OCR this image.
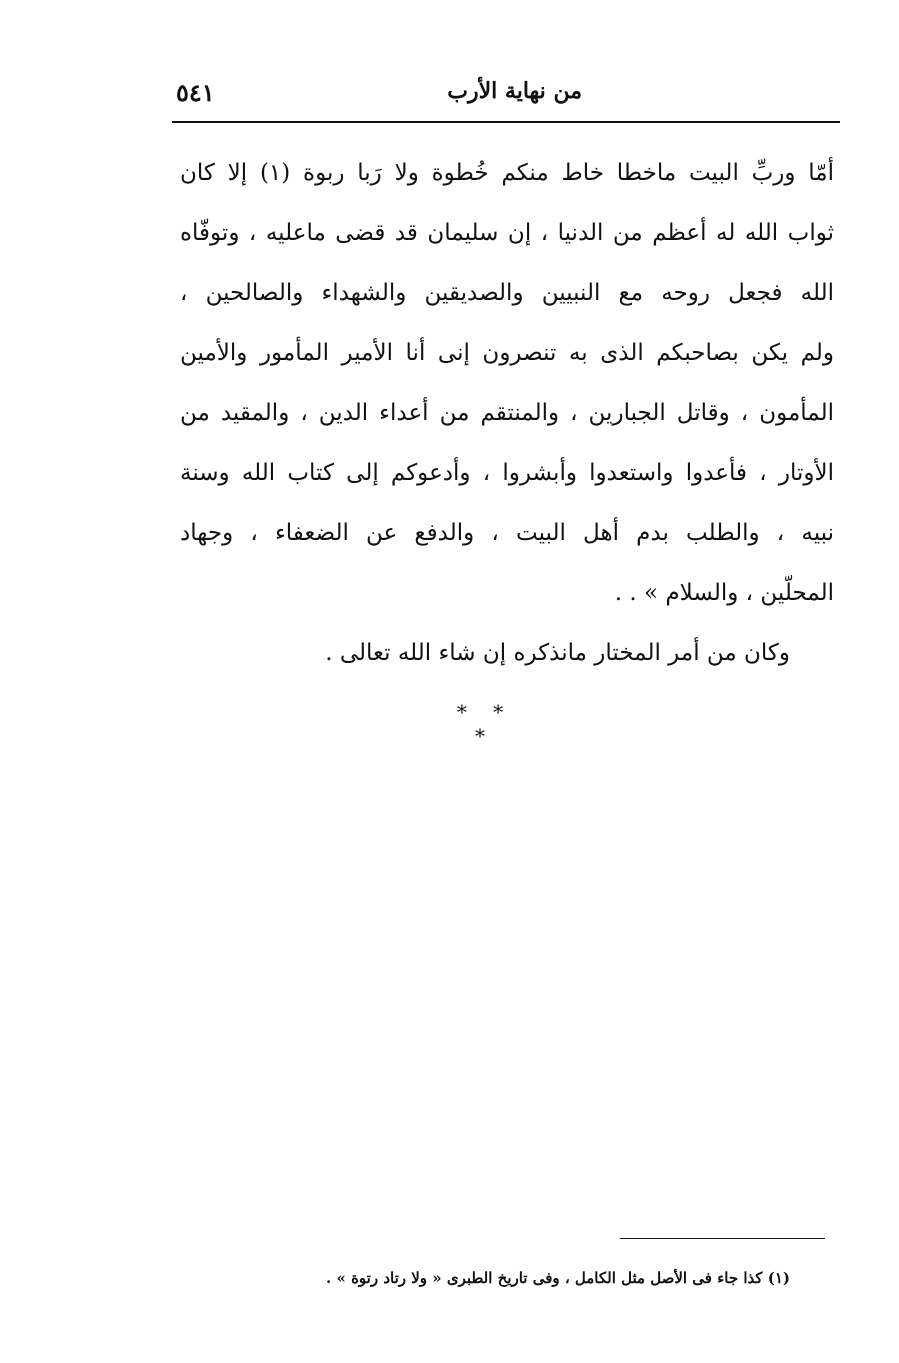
٥٤١	من نهاية الأرب
أمّا وربِّ البيت ماخطا خاط منكم خُطوة ولا رَبا ربوة (١) إلا كان
ثواب الله له أعظم من الدنيا ، إن سليمان قد قضى ماعليه ، وتوفّاه
الله فجعل روحه مع النبيين والصديقين والشهداء والصالحين ،
ولم يكن بصاحبكم الذى به تنصرون إنى أنا الأمير المأمور والأمين
المأمون ، وقاتل الجبارين ، والمنتقم من أعداء الدين ، والمقيد من
الأوتار ، فأعدوا واستعدوا وأبشروا ، وأدعوكم إلى كتاب الله وسنة
نبيه ، والطلب بدم أهل البيت ، والدفع عن الضعفاء ، وجهاد
المحلّين ، والسلام » . .
وكان من أمر المختار مانذكره إن شاء الله تعالى .
* * *
(١) كذا جاء فى الأصل مثل الكامل ، وفى تاريخ الطبرى « ولا رتاد رتوة » .
